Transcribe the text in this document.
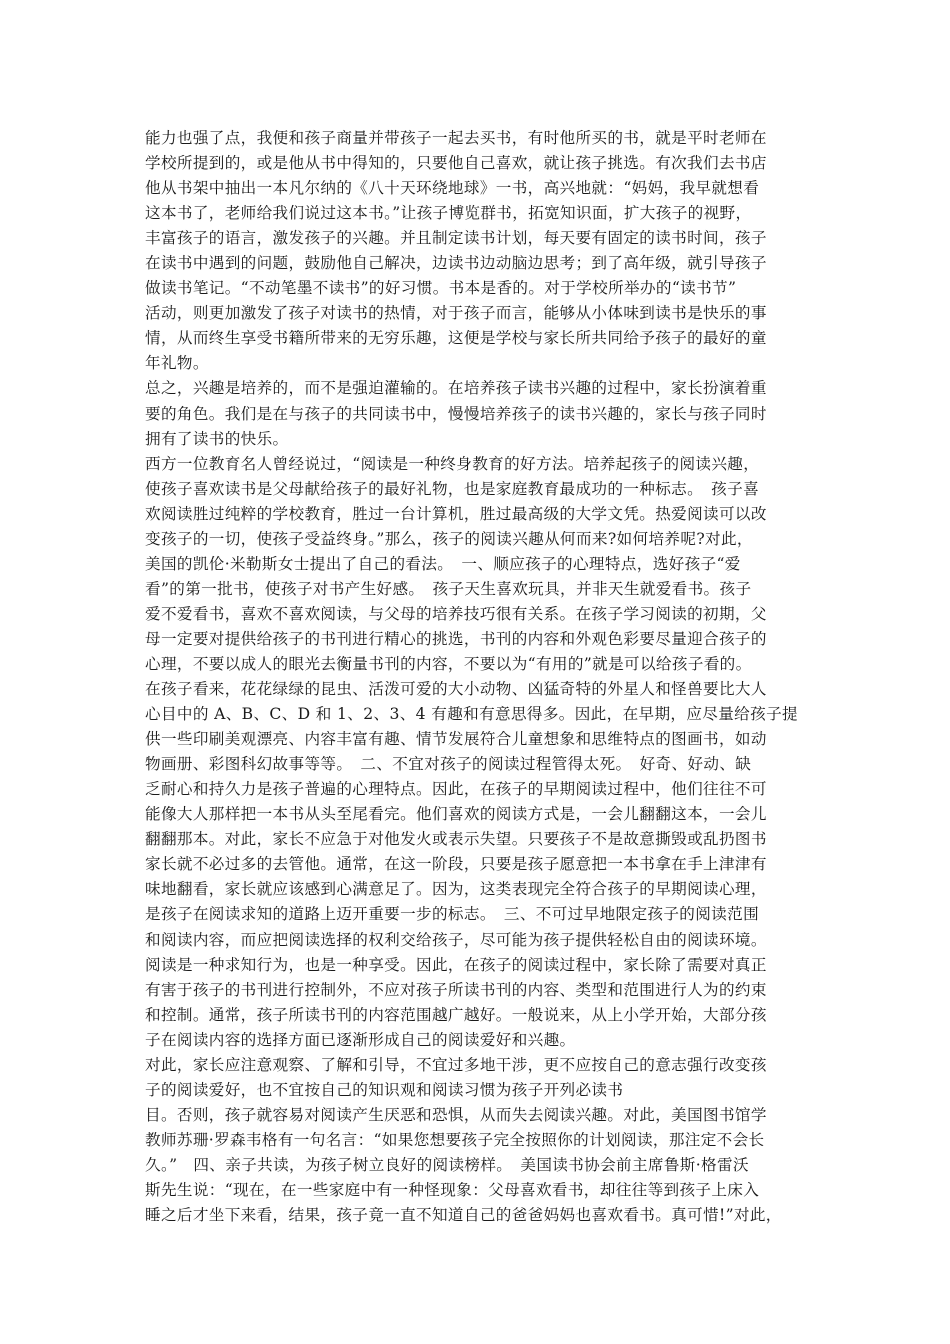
能力也强了点，我便和孩子商量并带孩子一起去买书，有时他所买的书，就是平时老师在
学校所提到的，或是他从书中得知的，只要他自己喜欢，就让孩子挑选。有次我们去书店
他从书架中抽出一本凡尔纳的《八十天环绕地球》一书，高兴地就：“妈妈，我早就想看
这本书了，老师给我们说过这本书。”让孩子博览群书，拓宽知识面，扩大孩子的视野，
丰富孩子的语言，激发孩子的兴趣。并且制定读书计划，每天要有固定的读书时间，孩子
在读书中遇到的问题，鼓励他自己解决，边读书边动脑边思考；到了高年级，就引导孩子
做读书笔记。“不动笔墨不读书”的好习惯。书本是香的。对于学校所举办的“读书节”
活动，则更加激发了孩子对读书的热情，对于孩子而言，能够从小体味到读书是快乐的事
情，从而终生享受书籍所带来的无穷乐趣，这便是学校与家长所共同给予孩子的最好的童
年礼物。
总之，兴趣是培养的，而不是强迫灌输的。在培养孩子读书兴趣的过程中，家长扮演着重
要的角色。我们是在与孩子的共同读书中，慢慢培养孩子的读书兴趣的，家长与孩子同时
拥有了读书的快乐。
西方一位教育名人曾经说过，“阅读是一种终身教育的好方法。培养起孩子的阅读兴趣，
使孩子喜欢读书是父母献给孩子的最好礼物，也是家庭教育最成功的一种标志。　孩子喜
欢阅读胜过纯粹的学校教育，胜过一台计算机，胜过最高级的大学文凭。热爱阅读可以改
变孩子的一切，使孩子受益终身。”那么，孩子的阅读兴趣从何而来?如何培养呢?对此，
美国的凯伦·米勒斯女士提出了自己的看法。　一、顺应孩子的心理特点，选好孩子“爱
看”的第一批书，使孩子对书产生好感。　孩子天生喜欢玩具，并非天生就爱看书。孩子
爱不爱看书，喜欢不喜欢阅读，与父母的培养技巧很有关系。在孩子学习阅读的初期，父
母一定要对提供给孩子的书刊进行精心的挑选，书刊的内容和外观色彩要尽量迎合孩子的
心理，不要以成人的眼光去衡量书刊的内容，不要以为“有用的”就是可以给孩子看的。
在孩子看来，花花绿绿的昆虫、活泼可爱的大小动物、凶猛奇特的外星人和怪兽要比大人
心目中的 A、B、C、D 和 1、2、3、4 有趣和有意思得多。因此，在早期，应尽量给孩子提
供一些印刷美观漂亮、内容丰富有趣、情节发展符合儿童想象和思维特点的图画书，如动
物画册、彩图科幻故事等等。　二、不宜对孩子的阅读过程管得太死。　好奇、好动、缺
乏耐心和持久力是孩子普遍的心理特点。因此，在孩子的早期阅读过程中，他们往往不可
能像大人那样把一本书从头至尾看完。他们喜欢的阅读方式是，一会儿翻翻这本，一会儿
翻翻那本。对此，家长不应急于对他发火或表示失望。只要孩子不是故意撕毁或乱扔图书
家长就不必过多的去管他。通常，在这一阶段，只要是孩子愿意把一本书拿在手上津津有
味地翻看，家长就应该感到心满意足了。因为，这类表现完全符合孩子的早期阅读心理，
是孩子在阅读求知的道路上迈开重要一步的标志。　三、不可过早地限定孩子的阅读范围
和阅读内容，而应把阅读选择的权利交给孩子，尽可能为孩子提供轻松自由的阅读环境。
阅读是一种求知行为，也是一种享受。因此，在孩子的阅读过程中，家长除了需要对真正
有害于孩子的书刊进行控制外，不应对孩子所读书刊的内容、类型和范围进行人为的约束
和控制。通常，孩子所读书刊的内容范围越广越好。一般说来，从上小学开始，大部分孩
子在阅读内容的选择方面已逐渐形成自己的阅读爱好和兴趣。
对此，家长应注意观察、了解和引导，不宜过多地干涉，更不应按自己的意志强行改变孩
子的阅读爱好，也不宜按自己的知识观和阅读习惯为孩子开列必读书
目。否则，孩子就容易对阅读产生厌恶和恐惧，从而失去阅读兴趣。对此，美国图书馆学
教师苏珊·罗森韦格有一句名言：“如果您想要孩子完全按照你的计划阅读，那注定不会长
久。”　四、亲子共读，为孩子树立良好的阅读榜样。　美国读书协会前主席鲁斯·格雷沃
斯先生说：“现在，在一些家庭中有一种怪现象：父母喜欢看书，却往往等到孩子上床入
睡之后才坐下来看，结果，孩子竟一直不知道自己的爸爸妈妈也喜欢看书。真可惜!”对此，
